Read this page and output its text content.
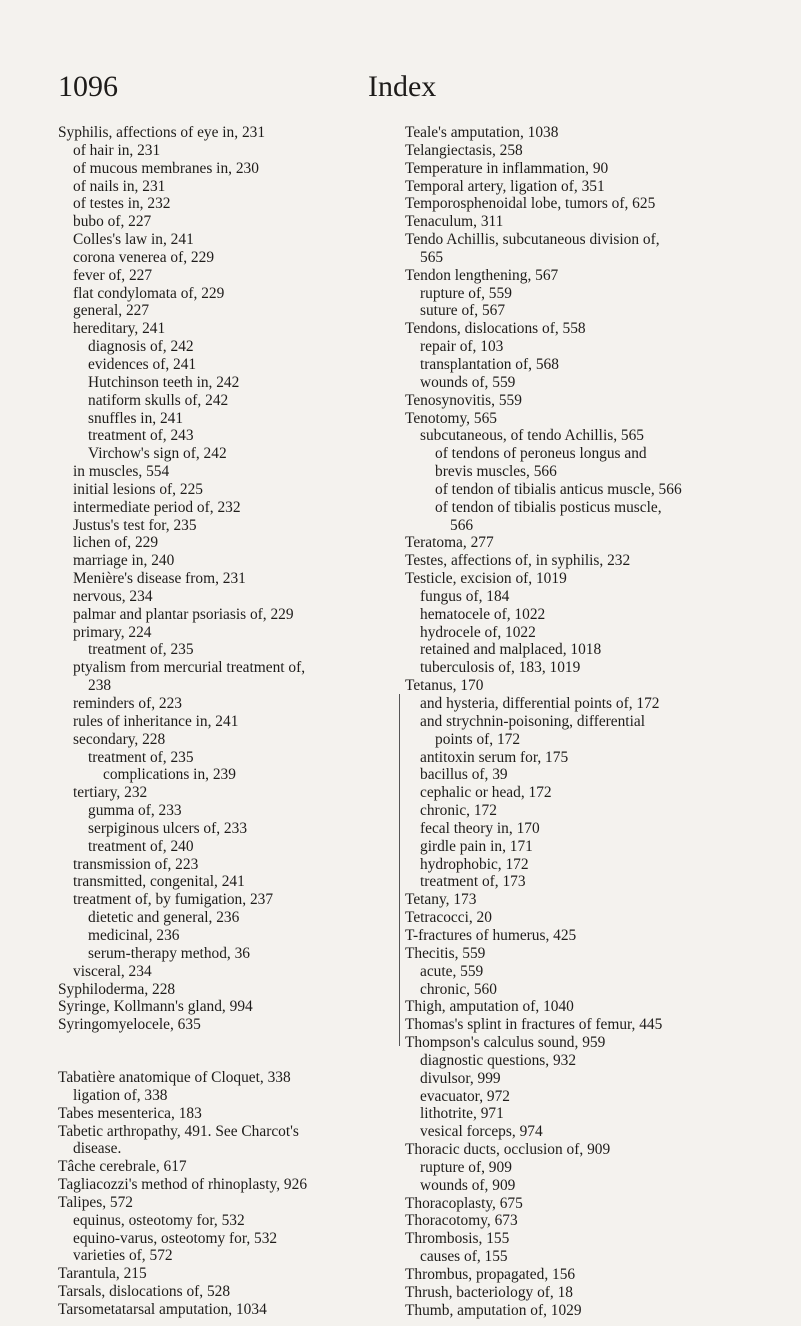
1096	Index
Syphilis, affections of eye in, 231
of hair in, 231
of mucous membranes in, 230
of nails in, 231
of testes in, 232
bubo of, 227
Colles's law in, 241
corona venerea of, 229
fever of, 227
flat condylomata of, 229
general, 227
hereditary, 241
diagnosis of, 242
evidences of, 241
Hutchinson teeth in, 242
natiform skulls of, 242
snuffles in, 241
treatment of, 243
Virchow's sign of, 242
in muscles, 554
initial lesions of, 225
intermediate period of, 232
Justus's test for, 235
lichen of, 229
marriage in, 240
Menière's disease from, 231
nervous, 234
palmar and plantar psoriasis of, 229
primary, 224
treatment of, 235
ptyalism from mercurial treatment of,
238
reminders of, 223
rules of inheritance in, 241
secondary, 228
treatment of, 235
complications in, 239
tertiary, 232
gumma of, 233
serpiginous ulcers of, 233
treatment of, 240
transmission of, 223
transmitted, congenital, 241
treatment of, by fumigation, 237
dietetic and general, 236
medicinal, 236
serum-therapy method, 36
visceral, 234
Syphiloderma, 228
Syringe, Kollmann's gland, 994
Syringomyelocele, 635
Tabatière anatomique of Cloquet, 338
ligation of, 338
Tabes mesenterica, 183
Tabetic arthropathy, 491. See Charcot's
disease.
Tâche cerebrale, 617
Tagliacozzi's method of rhinoplasty, 926
Talipes, 572
equinus, osteotomy for, 532
equino-varus, osteotomy for, 532
varieties of, 572
Tarantula, 215
Tarsals, dislocations of, 528
Tarsometatarsal amputation, 1034
Teale's amputation, 1038
Telangiectasis, 258
Temperature in inflammation, 90
Temporal artery, ligation of, 351
Temporosphenoidal lobe, tumors of, 625
Tenaculum, 311
Tendo Achillis, subcutaneous division of,
565
Tendon lengthening, 567
rupture of, 559
suture of, 567
Tendons, dislocations of, 558
repair of, 103
transplantation of, 568
wounds of, 559
Tenosynovitis, 559
Tenotomy, 565
subcutaneous, of tendo Achillis, 565
of tendons of peroneus longus and
brevis muscles, 566
of tendon of tibialis anticus muscle, 566
of tendon of tibialis posticus muscle,
566
Teratoma, 277
Testes, affections of, in syphilis, 232
Testicle, excision of, 1019
fungus of, 184
hematocele of, 1022
hydrocele of, 1022
retained and malplaced, 1018
tuberculosis of, 183, 1019
Tetanus, 170
and hysteria, differential points of, 172
and strychnin-poisoning, differential
points of, 172
antitoxin serum for, 175
bacillus of, 39
cephalic or head, 172
chronic, 172
fecal theory in, 170
girdle pain in, 171
hydrophobic, 172
treatment of, 173
Tetany, 173
Tetracocci, 20
T-fractures of humerus, 425
Thecitis, 559
acute, 559
chronic, 560
Thigh, amputation of, 1040
Thomas's splint in fractures of femur, 445
Thompson's calculus sound, 959
diagnostic questions, 932
divulsor, 999
evacuator, 972
lithotrite, 971
vesical forceps, 974
Thoracic ducts, occlusion of, 909
rupture of, 909
wounds of, 909
Thoracoplasty, 675
Thoracotomy, 673
Thrombosis, 155
causes of, 155
Thrombus, propagated, 156
Thrush, bacteriology of, 18
Thumb, amputation of, 1029
